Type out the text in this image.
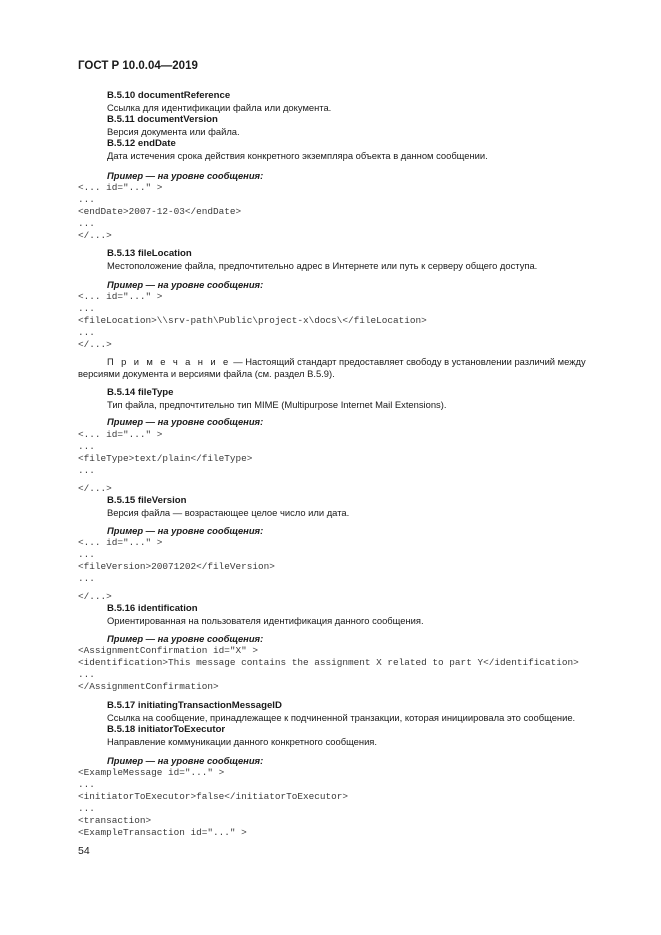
ГОСТ Р 10.0.04—2019
B.5.10 documentReference
Ссылка для идентификации файла или документа.
B.5.11 documentVersion
Версия документа или файла.
B.5.12 endDate
Дата истечения срока действия конкретного экземпляра объекта в данном сообщении.
Пример — на уровне сообщения:
<... id="..." >
...
<endDate>2007-12-03</endDate>
...
</...>
B.5.13 fileLocation
Местоположение файла, предпочтительно адрес в Интернете или путь к серверу общего доступа.
Пример — на уровне сообщения:
<... id="..." >
...
<fileLocation>\\srv-path\Public\project-x\docs\</fileLocation>
...
</...>
П р и м е ч а н и е — Настоящий стандарт предоставляет свободу в установлении различий между версиями документа и версиями файла (см. раздел В.5.9).
B.5.14 fileType
Тип файла, предпочтительно тип MIME (Multipurpose Internet Mail Extensions).
Пример — на уровне сообщения:
<... id="..." >
...
<fileType>text/plain</fileType>
...
</...>
B.5.15 fileVersion
Версия файла — возрастающее целое число или дата.
Пример — на уровне сообщения:
<... id="..." >
...
<fileVersion>20071202</fileVersion>
...
</...>
B.5.16 identification
Ориентированная на пользователя идентификация данного сообщения.
Пример — на уровне сообщения:
<AssignmentConfirmation id="X" >
<identification>This message contains the assignment X related to part Y</identification>
...
</AssignmentConfirmation>
B.5.17 initiatingTransactionMessageID
Ссылка на сообщение, принадлежащее к подчиненной транзакции, которая инициировала это сообщение.
B.5.18 initiatorToExecutor
Направление коммуникации данного конкретного сообщения.
Пример — на уровне сообщения:
<ExampleMessage id="..." >
...
<initiatorToExecutor>false</initiatorToExecutor>
...
<transaction>
<ExampleTransaction id="..." >
54
